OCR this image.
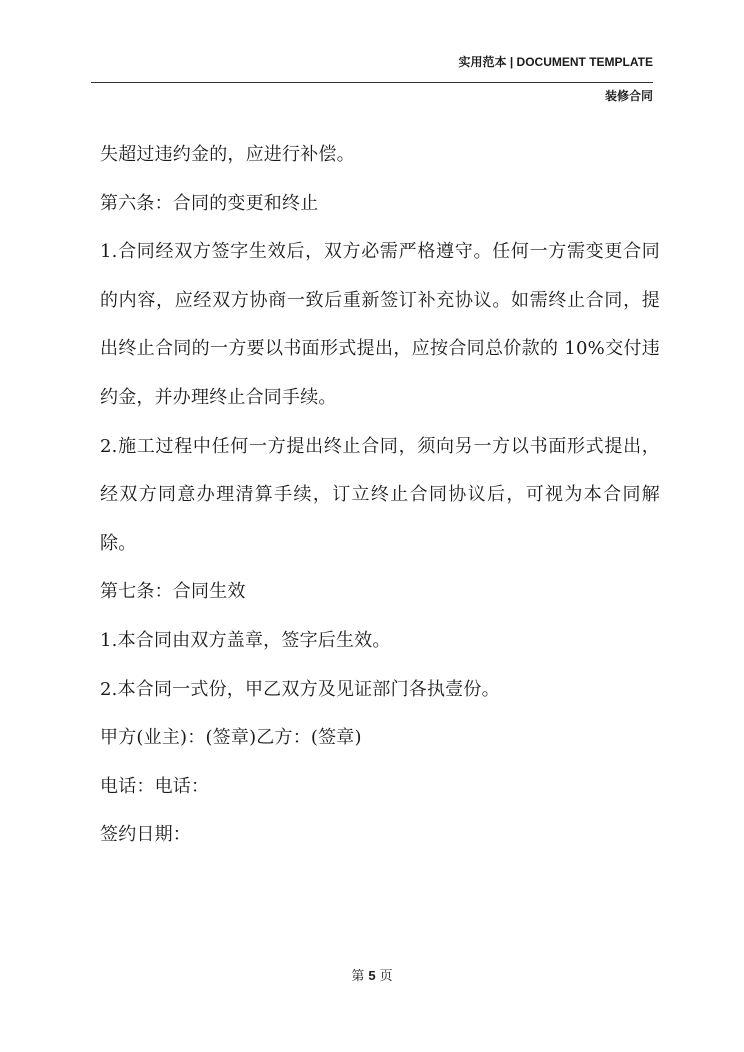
实用范本 | DOCUMENT TEMPLATE
装修合同

失超过违约金的，应进行补偿。

第六条：合同的变更和终止

1.合同经双方签字生效后，双方必需严格遵守。任何一方需变更合同的内容，应经双方协商一致后重新签订补充协议。如需终止合同，提出终止合同的一方要以书面形式提出，应按合同总价款的 10%交付违约金，并办理终止合同手续。

2.施工过程中任何一方提出终止合同，须向另一方以书面形式提出，经双方同意办理清算手续，订立终止合同协议后，可视为本合同解除。

第七条：合同生效

1.本合同由双方盖章，签字后生效。

2.本合同一式份，甲乙双方及见证部门各执壹份。

甲方(业主)：(签章)乙方：(签章)

电话：电话：

签约日期：

第 5 页
